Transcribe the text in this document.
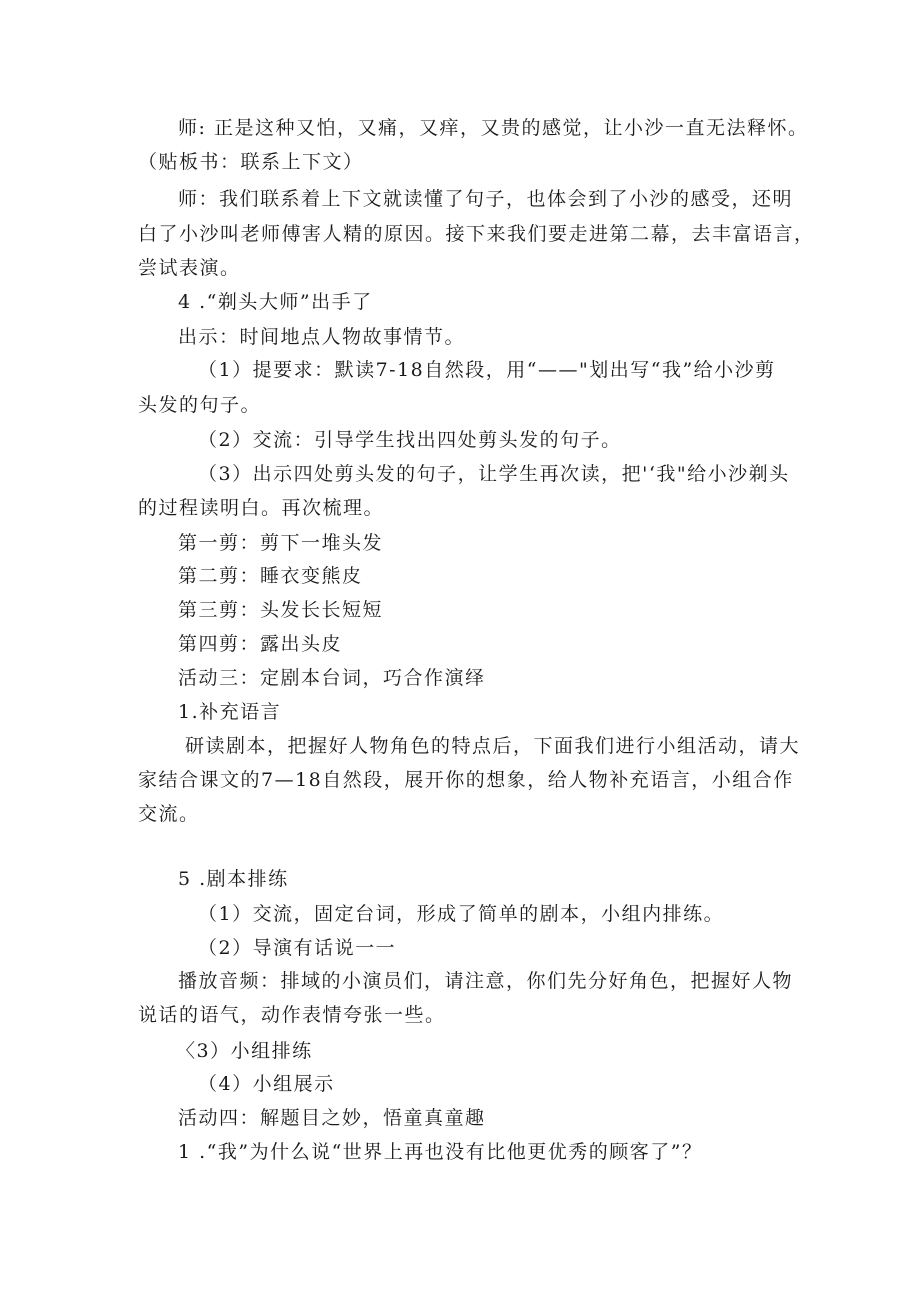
师: 正是这种又怕，又痛，又痒，又贵的感觉，让小沙一直无法释怀。
（贴板书：联系上下文）
师：我们联系着上下文就读懂了句子，也体会到了小沙的感受，还明
白了小沙叫老师傅害人精的原因。接下来我们要走进第二幕，去丰富语言，
尝试表演。
4 .“剃头大师”出手了
出示：时间地点人物故事情节。
（1）提要求：默读7-18自然段，用“——"划出写“我”给小沙剪
头发的句子。
（2）交流：引导学生找出四处剪头发的句子。
（3）出示四处剪头发的句子，让学生再次读，把'‘我"给小沙剃头
的过程读明白。再次梳理。
第一剪：剪下一堆头发
第二剪：睡衣变熊皮
第三剪：头发长长短短
第四剪：露出头皮
活动三：定剧本台词，巧合作演绎
1.补充语言
研读剧本，把握好人物角色的特点后，下面我们进行小组活动，请大
家结合课文的7—18自然段，展开你的想象，给人物补充语言，小组合作
交流。
5 .剧本排练
（1）交流，固定台词，形成了简单的剧本，小组内排练。
（2）导演有话说一一
播放音频：排域的小演员们，请注意，你们先分好角色，把握好人物
说话的语气，动作表情夸张一些。
〈3）小组排练
（4）小组展示
活动四：解题目之妙，悟童真童趣
1 .“我”为什么说“世界上再也没有比他更优秀的顾客了”？
